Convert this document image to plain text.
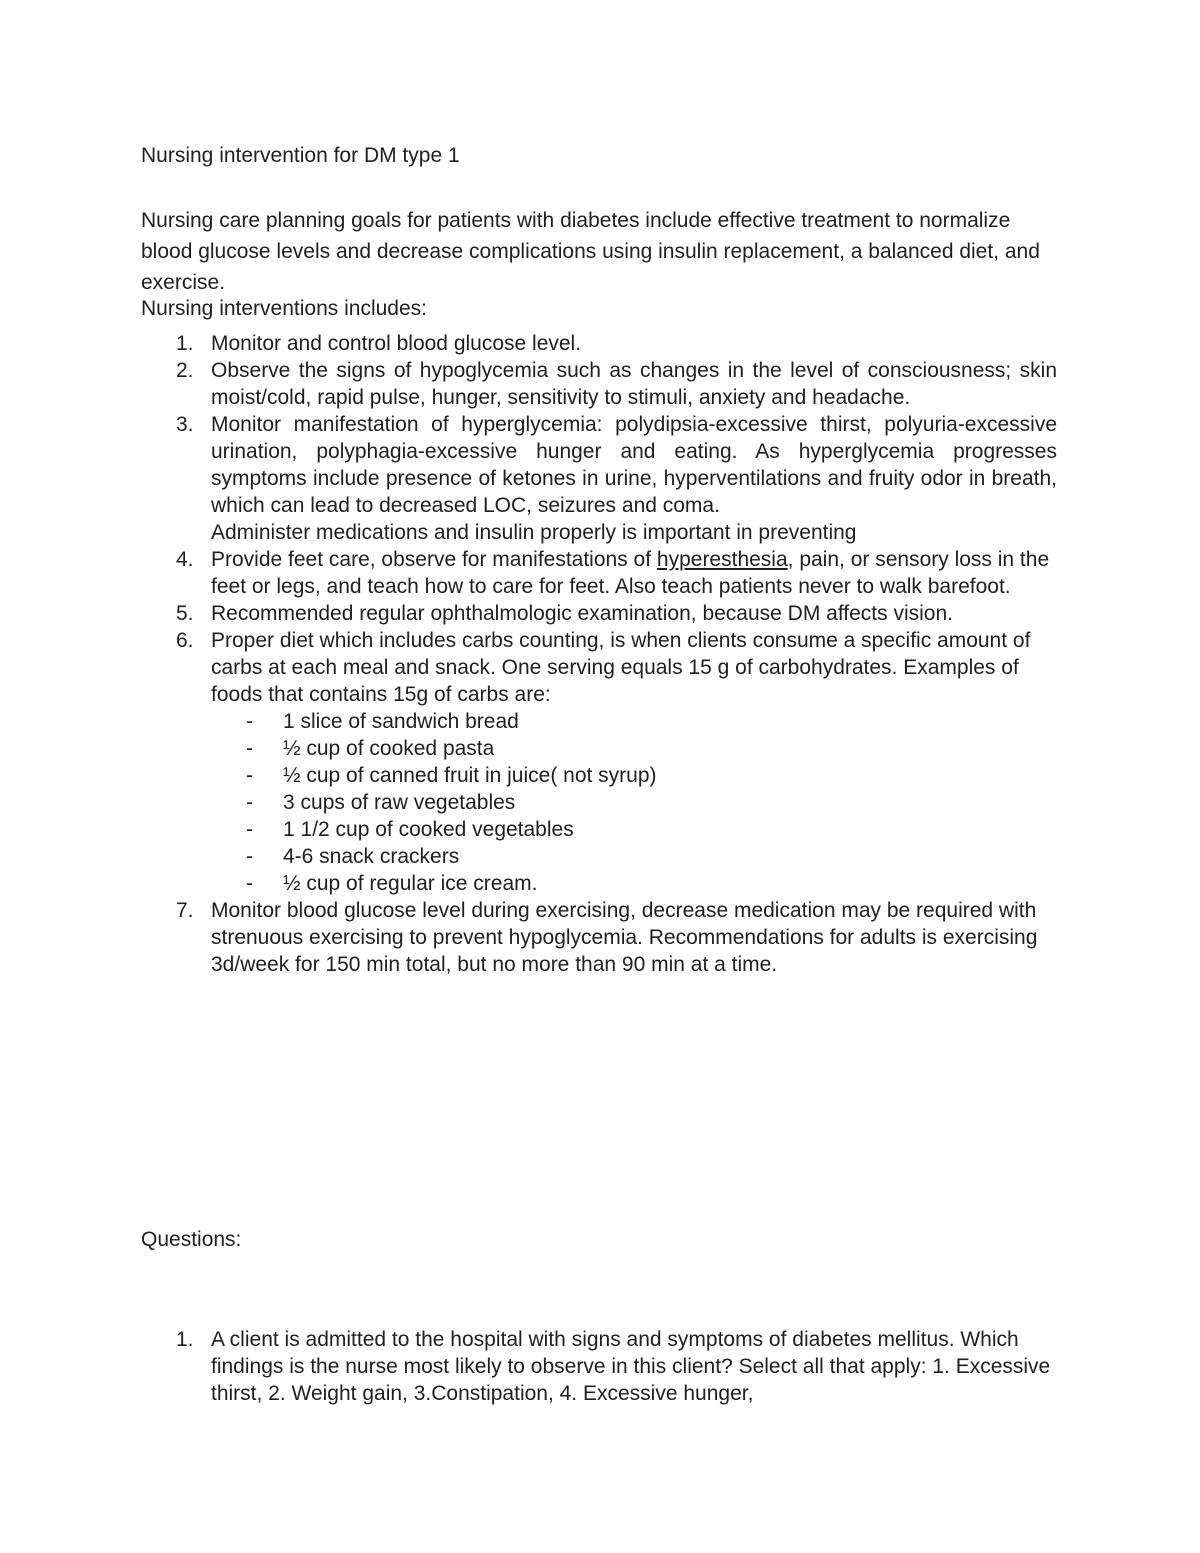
Nursing intervention for DM type 1
Nursing care planning goals for patients with diabetes include effective treatment to normalize blood glucose levels and decrease complications using insulin replacement, a balanced diet, and exercise.
Nursing interventions includes:
1. Monitor and control blood glucose level.
2. Observe the signs of hypoglycemia such as changes in the level of consciousness; skin moist/cold, rapid pulse, hunger, sensitivity to stimuli, anxiety and headache.
3. Monitor manifestation of hyperglycemia: polydipsia-excessive thirst, polyuria-excessive urination, polyphagia-excessive hunger and eating. As hyperglycemia progresses symptoms include presence of ketones in urine, hyperventilations and fruity odor in breath, which can lead to decreased LOC, seizures and coma.
Administer medications and insulin properly is important in preventing
4. Provide feet care, observe for manifestations of hyperesthesia, pain, or sensory loss in the feet or legs, and teach how to care for feet. Also teach patients never to walk barefoot.
5. Recommended regular ophthalmologic examination, because DM affects vision.
6. Proper diet which includes carbs counting, is when clients consume a specific amount of carbs at each meal and snack. One serving equals 15 g of carbohydrates. Examples of foods that contains 15g of carbs are:
- 1 slice of sandwich bread
- ½ cup of cooked pasta
- ½ cup of canned fruit in juice( not syrup)
- 3 cups of raw vegetables
- 1 1/2 cup of cooked vegetables
- 4-6 snack crackers
- ½ cup of regular ice cream.
7. Monitor blood glucose level during exercising, decrease medication may be required with strenuous exercising to prevent hypoglycemia. Recommendations for adults is exercising 3d/week for 150 min total, but no more than 90 min at a time.
Questions:
1. A client is admitted to the hospital with signs and symptoms of diabetes mellitus. Which findings is the nurse most likely to observe in this client? Select all that apply: 1. Excessive thirst, 2. Weight gain, 3.Constipation, 4. Excessive hunger,
